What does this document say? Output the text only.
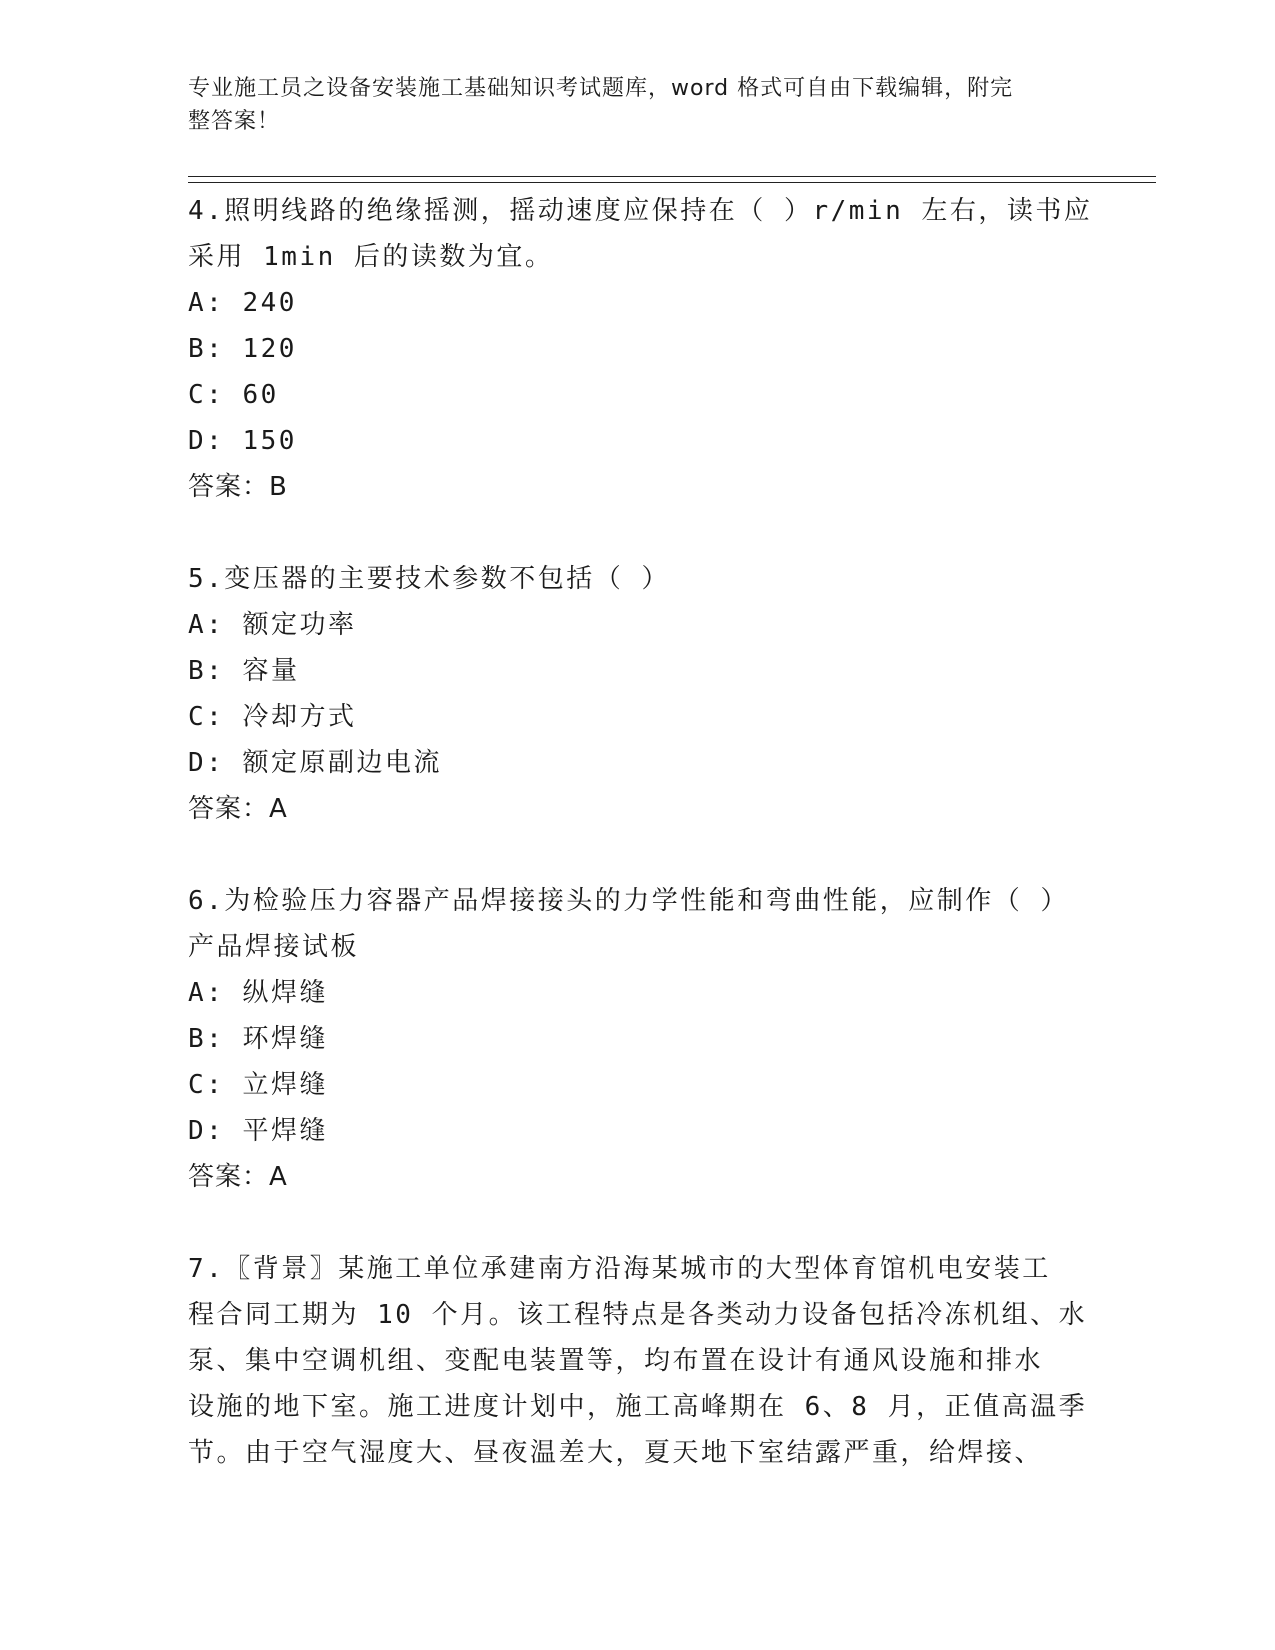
专业施工员之设备安装施工基础知识考试题库，word 格式可自由下载编辑，附完
整答案！
4.照明线路的绝缘摇测，摇动速度应保持在（ ）r/min 左右，读书应
采用 1min 后的读数为宜。
A: 240
B: 120
C: 60
D: 150
答案：B
5.变压器的主要技术参数不包括（ ）
A: 额定功率
B: 容量
C: 冷却方式
D: 额定原副边电流
答案：A
6.为检验压力容器产品焊接接头的力学性能和弯曲性能，应制作（ ）
产品焊接试板
A: 纵焊缝
B: 环焊缝
C: 立焊缝
D: 平焊缝
答案：A
7.〖背景〗某施工单位承建南方沿海某城市的大型体育馆机电安装工
程合同工期为 10 个月。该工程特点是各类动力设备包括冷冻机组、水
泵、集中空调机组、变配电装置等，均布置在设计有通风设施和排水
设施的地下室。施工进度计划中，施工高峰期在 6、8 月，正值高温季
节。由于空气湿度大、昼夜温差大，夏天地下室结露严重，给焊接、
